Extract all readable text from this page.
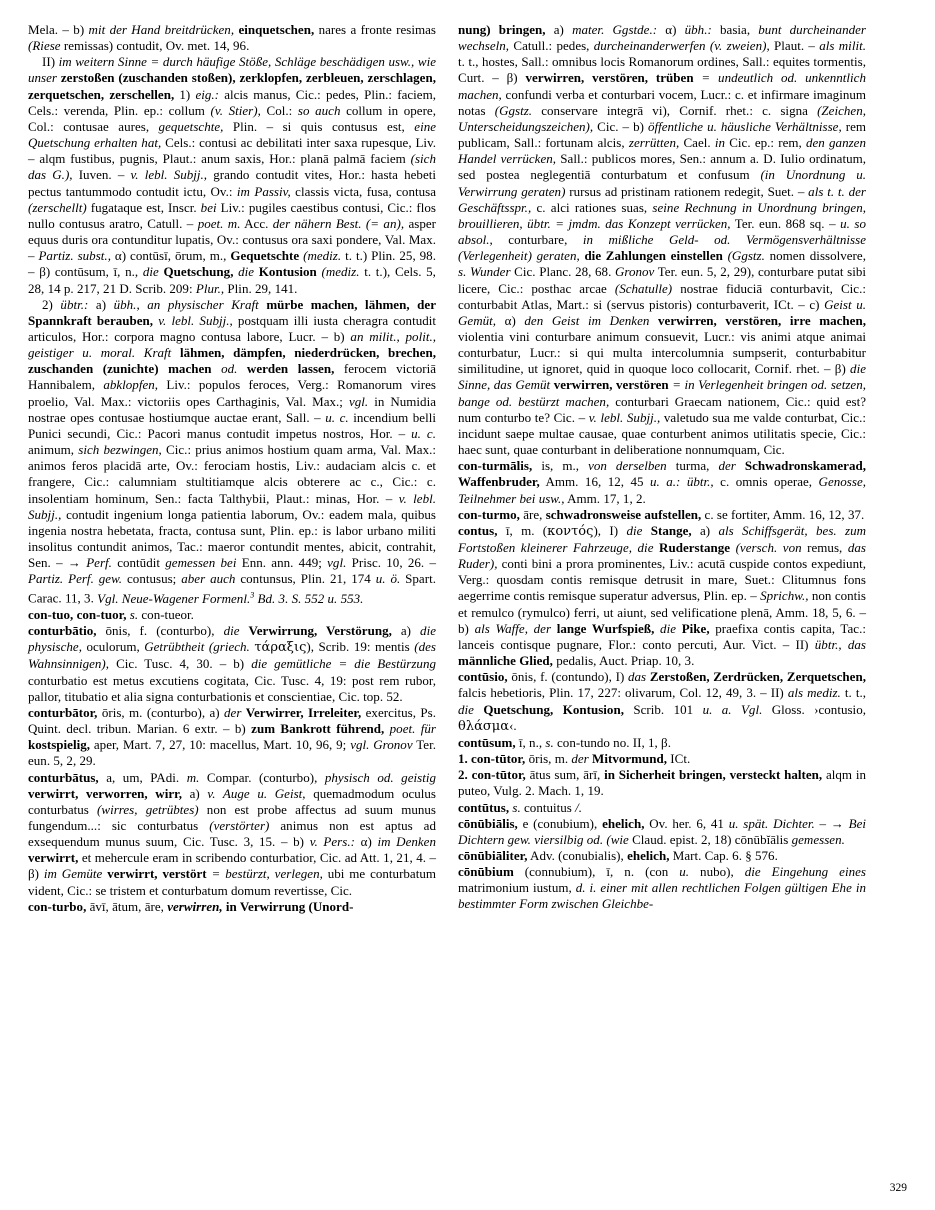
Mela. – b) mit der Hand breitdrücken, einquetschen, nares a fronte resimas (Riese remissas) contudit, Ov. met. 14, 96.

II) im weitern Sinne = durch häufige Stöße, Schläge beschädigen usw., wie unser zerstoßen (zuschanden stoßen), zerklopfen, zerbleuen, zerschlagen, zerquetschen, zerschellen, 1) eig.: alcis manus, Cic.: pedes, Plin.: faciem, Cels.: verenda, Plin. ep.: collum (v. Stier), Col.: so auch collum in opere, Col.: contusae aures, gequetschte, Plin. – si quis contusus est, eine Quetschung erhalten hat, Cels.: contusi ac debilitati inter saxa rupesque, Liv. – alqm fustibus, pugnis, Plaut.: anum saxis, Hor.: planā palmā faciem (sich das G.), Iuven. – v. lebl. Subjj., grando contudit vites, Hor.: hasta hebeti pectus tantummodo contudit ictu, Ov.: im Passiv, classis victa, fusa, contusa (zerschellt) fugataque est, Inscr. bei Liv.: pugiles caestibus contusi, Cic.: flos nullo contusus aratro, Catull. – poet. m. Acc. der nähern Best. (= an), asper equus duris ora contunditur lupatis, Ov.: contusus ora saxi pondere, Val. Max. – Partiz. subst., α) contūsī, ōrum, m., Gequetschte (mediz. t. t.) Plin. 25, 98. – β) contūsum, ī, n., die Quetschung, die Kontusion (mediz. t. t.), Cels. 5, 28, 14 p. 217, 21 D. Scrib. 209: Plur., Plin. 29, 141.

2) übtr.: a) übh., an physischer Kraft mürbe machen, lähmen, der Spannkraft berauben, v. lebl. Subjj., postquam illi iusta cheragra contudit articulos, Hor.: corpora magno contusa labore, Lucr. – b) an milit., polit., geistiger u. moral. Kraft lähmen, dämpfen, niederdrücken, brechen, zuschanden (zunichte) machen od. werden lassen, ferocem victoriā Hannibalem, abklopfen, Liv.: populos feroces, Verg.: Romanorum vires proelio, Val. Max.: victoriis opes Carthaginis, Val. Max.; vgl. in Numidia nostrae opes contusae hostiumque auctae erant, Sall. – u. c. incendium belli Punici secundi, Cic.: Pacori manus contudit impetus nostros, Hor. – u. c. animum, sich bezwingen, Cic.: prius animos hostium quam arma, Val. Max.: animos feros placidā arte, Ov.: ferociam hostis, Liv.: audaciam alcis c. et frangere, Cic.: calumniam stultitiamque alcis obterere ac c., Cic.: c. insolentiam hominum, Sen.: facta Talthybii, Plaut.: minas, Hor. – v. lebl. Subjj., contudit ingenium longa patientia laborum, Ov.: eadem mala, quibus ingenia nostra hebetata, fracta, contusa sunt, Plin. ep.: is labor urbano militi insolitus contundit animos, Tac.: maeror contundit mentes, abicit, contrahit, Sen. – → Perf. contūdit gemessen bei Enn. ann. 449; vgl. Prisc. 10, 26. – Partiz. Perf. gew. contusus; aber auch contunsus, Plin. 21, 174 u. ö. Spart. Carac. 11, 3. Vgl. Neue-Wagener Formenl.$^3$ Bd. 3. S. 552 u. 553.

con-tuo, con-tuor, s. con-tueor.

conturbātio, ōnis, f. (conturbo), die Verwirrung, Verstörung, a) die physische, oculorum, Getrübtheit (griech. τάραξις), Scrib. 19: mentis (des Wahnsinnigen), Cic. Tusc. 4, 30. – b) die gemütliche = die Bestürzung conturbatio est metus excutiens cogitata, Cic. Tusc. 4, 19: post rem rubor, pallor, titubatio et alia signa conturbationis et conscientiae, Cic. top. 52.

conturbātor, ōris, m. (conturbo), a) der Verwirrer, Irreleiter, exercitus, Ps. Quint. decl. tribun. Marian. 6 extr. – b) zum Bankrott führend, poet. für kostspielig, aper, Mart. 7, 27, 10: macellus, Mart. 10, 96, 9; vgl. Gronov Ter. eun. 5, 2, 29.

conturbātus, a, um, PAdi. m. Compar. (conturbo), physisch od. geistig verwirrt, verworren, wirr, a) v. Auge u. Geist, quemadmodum oculus conturbatus (wirres, getrübtes) non est probe affectus ad suum munus fungendum...: sic conturbatus (verstörter) animus non est aptus ad exsequendum munus suum, Cic. Tusc. 3, 15. – b) v. Pers.: α) im Denken verwirrt, et mehercule eram in scribendo conturbatior, Cic. ad Att. 1, 21, 4. – β) im Gemüte verwirrt, verstört = bestürzt, verlegen, ubi me conturbatum vident, Cic.: se tristem et conturbatum domum revertisse, Cic.

con-turbo, āvī, ātum, āre, verwirren, in Verwirrung (Unord-

nung) bringen, a) mater. Ggstde.: α) übh.: basia, bunt durcheinander wechseln, Catull.: pedes, durcheinanderwerfen (v. zweien), Plaut. – als milit. t. t., hostes, Sall.: omnibus locis Romanorum ordines, Sall.: equites tormentis, Curt. – β) verwirren, verstören, trüben = undeutlich od. unkenntlich machen, confundi verba et conturbari vocem, Lucr.: c. et infirmare imaginum notas (Ggstz. conservare integrā vi), Cornif. rhet.: c. signa (Zeichen, Unterscheidungszeichen), Cic. – b) öffentliche u. häusliche Verhältnisse, rem publicam, Sall.: fortunam alcis, zerrütten, Cael. in Cic. ep.: rem, den ganzen Handel verrücken, Sall.: publicos mores, Sen.: annum a. D. Iulio ordinatum, sed postea neglegentiā conturbatum et confusum (in Unordnung u. Verwirrung geraten) rursus ad pristinam rationem redegit, Suet. – als t. t. der Geschäftsspr., c. alci rationes suas, seine Rechnung in Unordnung bringen, brouillieren, übtr. = jmdm. das Konzept verrücken, Ter. eun. 868 sq. – u. so absol., conturbare, in mißliche Geld- od. Vermögensverhältnisse (Verlegenheit) geraten, die Zahlungen einstellen (Ggstz. nomen dissolvere, s. Wunder Cic. Planc. 28, 68. Gronov Ter. eun. 5, 2, 29), conturbare putat sibi licere, Cic.: posthac arcae (Schatulle) nostrae fiduciā conturbavit, Cic.: conturbabit Atlas, Mart.: si (servus pistoris) conturbaverit, ICt. – c) Geist u. Gemüt, α) den Geist im Denken verwirren, verstören, irre machen, violentia vini conturbare animum consuevit, Lucr.: vis animi atque animai conturbatur, Lucr.: si qui multa intercolumnia sumpserit, conturbabitur similitudine, ut ignoret, quid in quoque loco collocarit, Cornif. rhet. – β) die Sinne, das Gemüt verwirren, verstören = in Verlegenheit bringen od. setzen, bange od. bestürzt machen, conturbari Graecam nationem, Cic.: quid est? num conturbo te? Cic. – v. lebl. Subjj., valetudo sua me valde conturbat, Cic.: incidunt saepe multae causae, quae conturbent animos utilitatis specie, Cic.: haec sunt, quae conturbant in deliberatione nonnumquam, Cic.

con-turmālis, is, m., von derselben turma, der Schwadronskamerad, Waffenbruder, Amm. 16, 12, 45 u. a.: übtr., c. omnis operae, Genosse, Teilnehmer bei usw., Amm. 17, 1, 2.

con-turmo, āre, schwadronsweise aufstellen, c. se fortiter, Amm. 16, 12, 37.

contus, ī, m. (κοντός), I) die Stange, a) als Schiffsgerät, bes. zum Fortstoßen kleinerer Fahrzeuge, die Ruderstange (versch. von remus, das Ruder), conti bini a prora prominentes, Liv.: acutā cuspide contos expediunt, Verg.: quosdam contis remisque detrusit in mare, Suet.: Clitumnus fons aegerrime contis remisque superatur adversus, Plin. ep. – Sprichw., non contis et remulco (rymulco) ferri, ut aiunt, sed velificatione plenā, Amm. 18, 5, 6. – b) als Waffe, der lange Wurfspieß, die Pike, praefixa contis capita, Tac.: lanceis contisque pugnare, Flor.: conto percuti, Aur. Vict. – II) übtr., das männliche Glied, pedalis, Auct. Priap. 10, 3.

contūsio, ōnis, f. (contundo), I) das Zerstoßen, Zerdrücken, Zerquetschen, falcis hebetioris, Plin. 17, 227: olivarum, Col. 12, 49, 3. – II) als mediz. t. t., die Quetschung, Kontusion, Scrib. 101 u. a. Vgl. Gloss. ›contusio, θλάσμα‹.

contūsum, ī, n., s. con-tundo no. II, 1, β.

1. con-tūtor, ōris, m. der Mitvormund, ICt.

2. con-tūtor, ātus sum, ārī, in Sicherheit bringen, versteckt halten, alqm in puteo, Vulg. 2. Mach. 1, 19.

contūtus, s. contuitus /.

cōnūbiālis, e (conubium), ehelich, Ov. her. 6, 41 u. spät. Dichter. – → Bei Dichtern gew. viersilbig od. (wie Claud. epist. 2, 18) cōnūbĭālis gemessen.

cōnūbiāliter, Adv. (conubialis), ehelich, Mart. Cap. 6. § 576.

cōnūbium (connubium), ī, n. (con u. nubo), die Eingehung eines matrimonium iustum, d. i. einer mit allen rechtlichen Folgen gültigen Ehe in bestimmter Form zwischen Gleichbe-

329
